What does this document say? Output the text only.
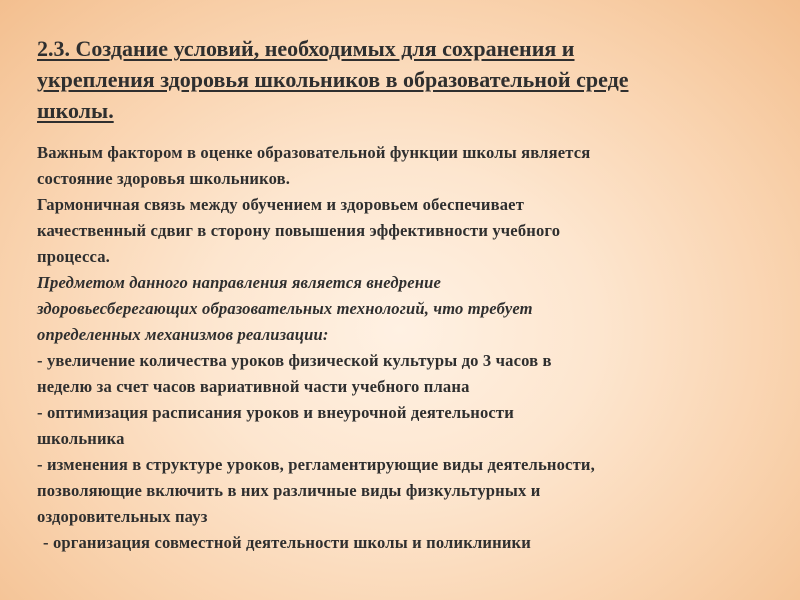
2.3. Создание условий, необходимых для сохранения и
укрепления здоровья школьников в образовательной среде
школы.
Важным фактором в оценке образовательной функции школы является
состояние здоровья школьников.
Гармоничная связь между обучением и здоровьем обеспечивает
качественный сдвиг в сторону повышения эффективности учебного
процесса.
Предметом данного направления является внедрение
здоровьесберегающих образовательных технологий, что требует
определенных механизмов реализации:
- увеличение количества уроков физической культуры до 3 часов в
неделю за счет часов вариативной части учебного плана
- оптимизация расписания уроков и внеурочной деятельности
школьника
- изменения в структуре уроков, регламентирующие виды деятельности,
позволяющие включить в них различные виды физкультурных и
оздоровительных пауз
- организация совместной деятельности школы и поликлиники
